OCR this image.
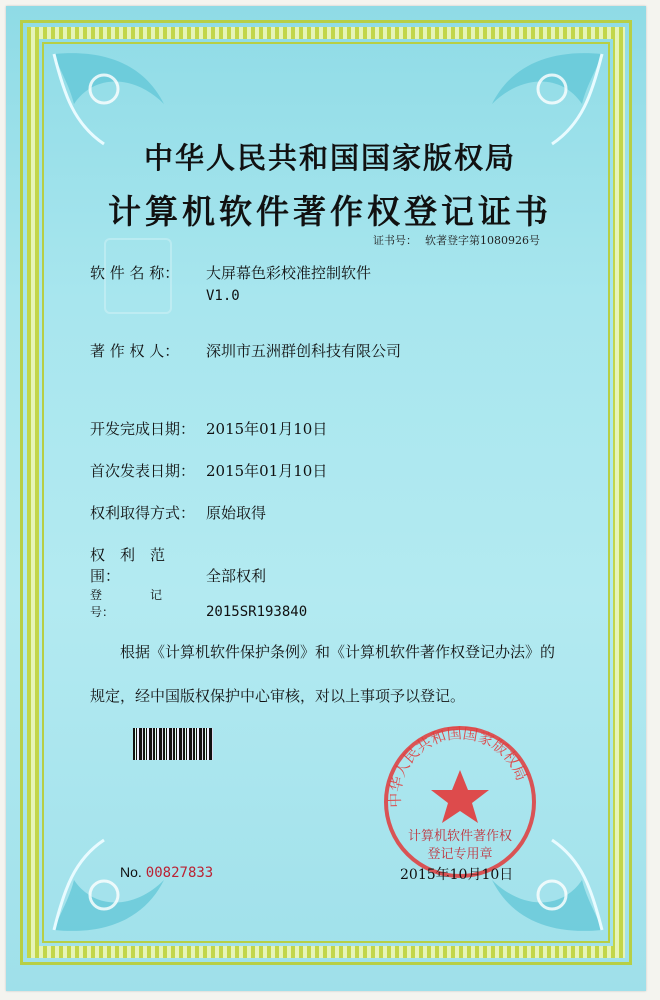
中华人民共和国国家版权局
计算机软件著作权登记证书
证书号： 软著登字第1080926号
软 件 名 称： 大屏幕色彩校准控制软件
V1.0
著 作 权 人： 深圳市五洲群创科技有限公司
开发完成日期： 2015年01月10日
首次发表日期： 2015年01月10日
权利取得方式： 原始取得
权　利　范　围：	全部权利
登　　　　记　　　　号：	2015SR193840
根据《计算机软件保护条例》和《计算机软件著作权登记办法》的
规定，经中国版权保护中心审核，对以上事项予以登记。
中华人民共和国国家版权局
计算机软件著作权
登记专用章
No. 00827833	2015年10月10日
